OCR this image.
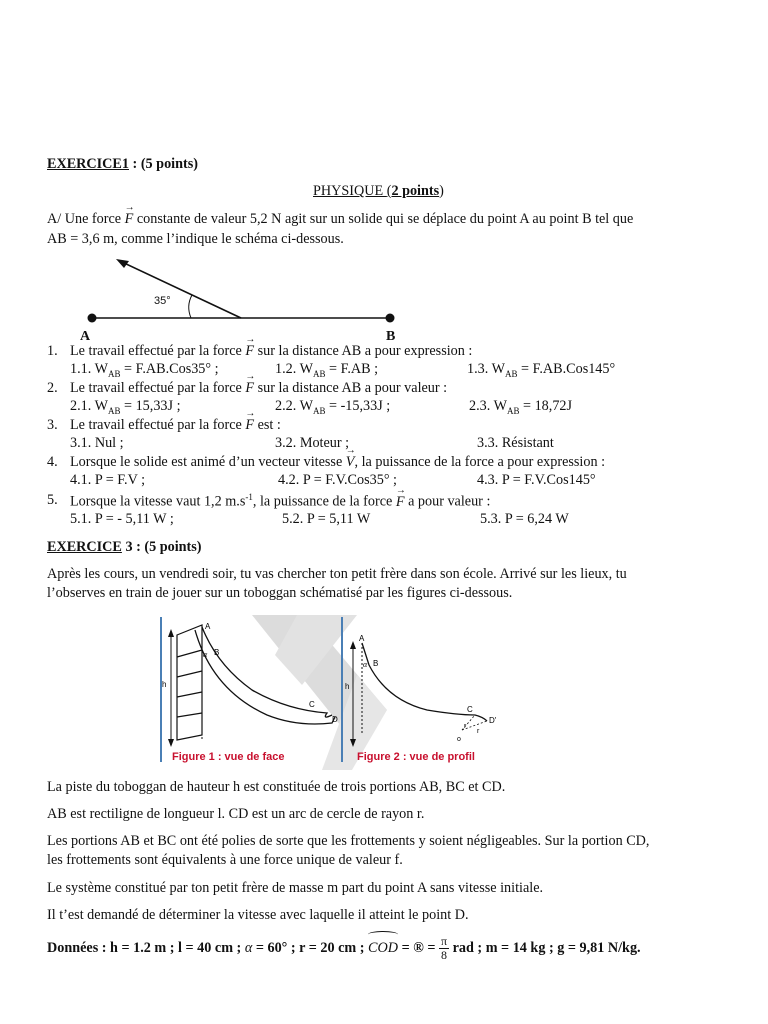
EXERCICE1 : (5 points)
PHYSIQUE (2 points)
A/ Une force → F constante de valeur 5,2 N agit sur un solide qui se déplace du point A au point B tel que
AB = 3,6 m, comme l’indique le schéma ci-dessous.
35°
A	B
1. Le travail effectué par la force → F sur la distance AB a pour expression :
1.1. $W_{AB} = F.AB.Cos35^\circ$ ;	1.2. $W_{AB} = F.AB$ ;	1.3. $W_{AB} = F.AB.Cos145^\circ$
2. Le travail effectué par la force → F sur la distance AB a pour valeur :
2.1. $W_{AB} = 15,33J$ ;	2.2. $W_{AB} = -15,33J$ ;	2.3. $W_{AB} = 18,72J$
3. Le travail effectué par la force → F est :
3.1. Nul ;	3.2. Moteur ;	3.3. Résistant
4. Lorsque le solide est animé d’un vecteur vitesse → V, la puissance de la force a pour expression :
4.1. P = F.V ;	4.2. P = F.V.Cos35° ;	4.3. P = F.V.Cos145°
5. Lorsque la vitesse vaut 1,2 $m.s^{-1}$, la puissance de la force → F a pour valeur :
5.1. P = - 5,11 W ;	5.2. P = 5,11 W	5.3. P = 6,24 W
EXERCICE 3 : (5 points)
Après les cours, un vendredi soir, tu vas chercher ton petit frère dans son école. Arrivé sur les lieux, tu
l’observes en train de jouer sur un toboggan schématisé par les figures ci-dessous.
A
B
α
h
C
D
Figure 1 : vue de face
A
B
α
h
C
D'
r
r
o
Figure 2 : vue de profil
La piste du toboggan de hauteur h est constituée de trois portions AB, BC et CD.
AB est rectiligne de longueur l. CD est un arc de cercle de rayon r.
Les portions AB et BC ont été polies de sorte que les frottements y soient négligeables. Sur la portion CD,
les frottements sont équivalents à une force unique de valeur f.
Le système constitué par ton petit frère de masse m part du point A sans vitesse initiale.
Il t’est demandé de déterminer la vitesse avec laquelle il atteint le point D.
Données : h = 1.2 m ; l = 40 cm ; α = 60° ; r = 20 cm ; COD = ® = $\frac{\pi}{8}$ rad ; m = 14 kg ; g = 9,81 N/kg.
